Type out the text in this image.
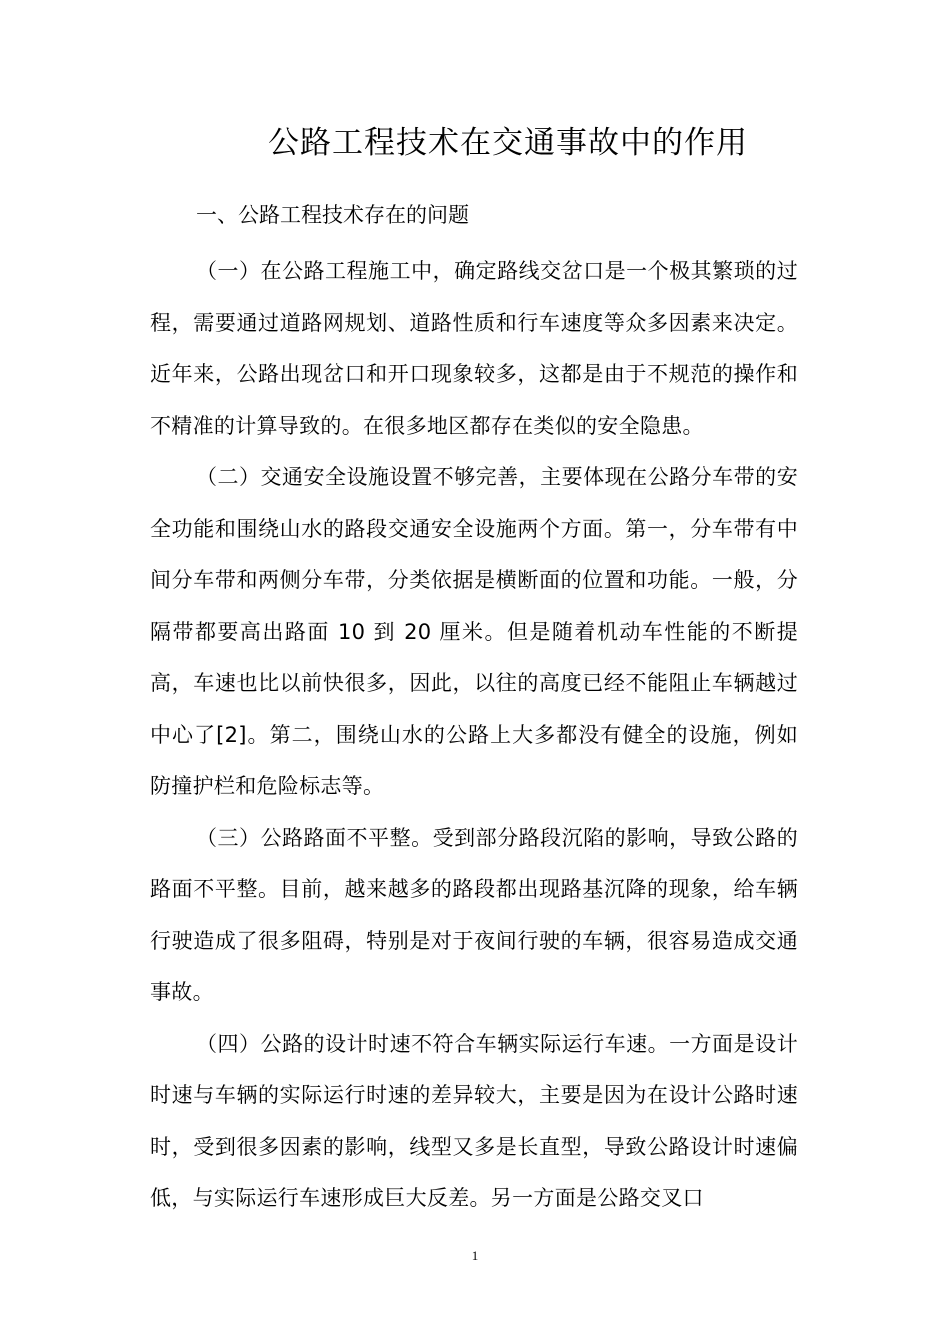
公路工程技术在交通事故中的作用
一、公路工程技术存在的问题

（一）在公路工程施工中，确定路线交岔口是一个极其繁琐的过程，需要通过道路网规划、道路性质和行车速度等众多因素来决定。近年来，公路出现岔口和开口现象较多，这都是由于不规范的操作和不精准的计算导致的。在很多地区都存在类似的安全隐患。

（二）交通安全设施设置不够完善，主要体现在公路分车带的安全功能和围绕山水的路段交通安全设施两个方面。第一，分车带有中间分车带和两侧分车带，分类依据是横断面的位置和功能。一般，分隔带都要高出路面 10 到 20 厘米。但是随着机动车性能的不断提高，车速也比以前快很多，因此，以往的高度已经不能阻止车辆越过中心了[2]。第二，围绕山水的公路上大多都没有健全的设施，例如防撞护栏和危险标志等。

（三）公路路面不平整。受到部分路段沉陷的影响，导致公路的路面不平整。目前，越来越多的路段都出现路基沉降的现象，给车辆行驶造成了很多阻碍，特别是对于夜间行驶的车辆，很容易造成交通事故。

（四）公路的设计时速不符合车辆实际运行车速。一方面是设计时速与车辆的实际运行时速的差异较大，主要是因为在设计公路时速时，受到很多因素的影响，线型又多是长直型，导致公路设计时速偏低，与实际运行车速形成巨大反差。另一方面是公路交叉口

1
